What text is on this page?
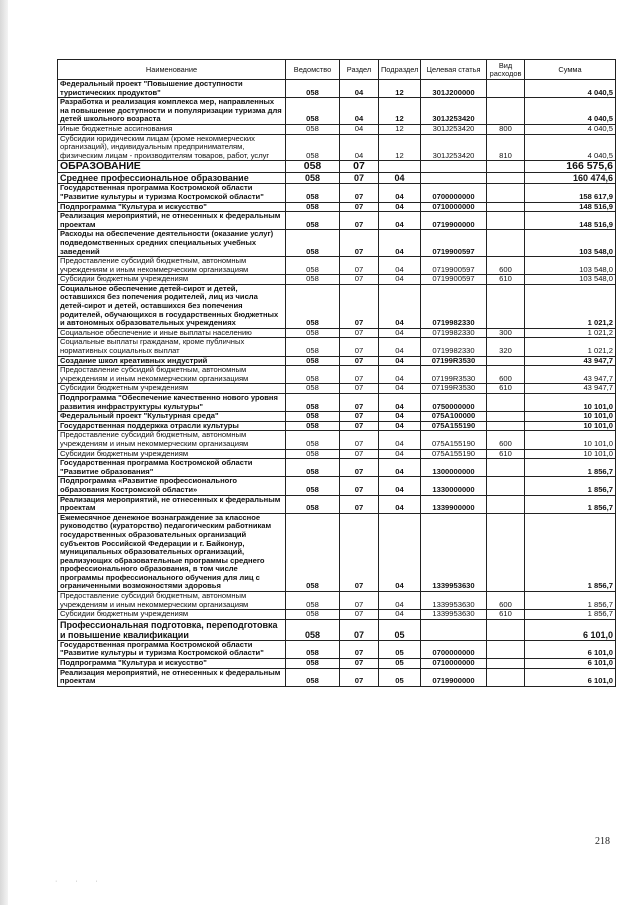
Наименование	Ведомство	Раздел	Подраздел	Целевая статья	Вид расходов	Сумма
Федеральный проект "Повышение доступности туристических продуктов"	058	04	12	301J200000		4 040,5
Разработка и реализация комплекса мер, направленных на повышение доступности и популяризации туризма для детей школьного возраста	058	04	12	301J253420		4 040,5
Иные бюджетные ассигнования	058	04	12	301J253420	800	4 040,5
Субсидии юридическим лицам (кроме некоммерческих организаций), индивидуальным предпринимателям, физическим лицам - производителям товаров, работ, услуг	058	04	12	301J253420	810	4 040,5
ОБРАЗОВАНИЕ	058	07				166 575,6
Среднее профессиональное образование	058	07	04			160 474,6
Государственная программа Костромской области "Развитие культуры и туризма Костромской области"	058	07	04	0700000000		158 617,9
Подпрограмма "Культура и искусство"	058	07	04	0710000000		148 516,9
Реализация мероприятий, не отнесенных к федеральным проектам	058	07	04	0719900000		148 516,9
Расходы на обеспечение деятельности (оказание услуг) подведомственных средних специальных учебных заведений	058	07	04	0719900597		103 548,0
Предоставление субсидий бюджетным, автономным учреждениям и иным некоммерческим организациям	058	07	04	0719900597	600	103 548,0
Субсидии бюджетным учреждениям	058	07	04	0719900597	610	103 548,0
Социальное обеспечение детей-сирот и детей, оставшихся без попечения родителей, лиц из числа детей-сирот и детей, оставшихся без попечения родителей, обучающихся в государственных бюджетных и автономных образовательных учреждениях	058	07	04	0719982330		1 021,2
Социальное обеспечение и иные выплаты населению	058	07	04	0719982330	300	1 021,2
Социальные выплаты гражданам, кроме публичных нормативных социальных выплат	058	07	04	0719982330	320	1 021,2
Создание школ креативных индустрий	058	07	04	07199R3530		43 947,7
Предоставление субсидий бюджетным, автономным учреждениям и иным некоммерческим организациям	058	07	04	07199R3530	600	43 947,7
Субсидии бюджетным учреждениям	058	07	04	07199R3530	610	43 947,7
Подпрограмма "Обеспечение качественно нового уровня развития инфраструктуры культуры"	058	07	04	0750000000		10 101,0
Федеральный проект "Культурная среда"	058	07	04	075A100000		10 101,0
Государственная поддержка отрасли культуры	058	07	04	075A155190		10 101,0
Предоставление субсидий бюджетным, автономным учреждениям и иным некоммерческим организациям	058	07	04	075A155190	600	10 101,0
Субсидии бюджетным учреждениям	058	07	04	075A155190	610	10 101,0
Государственная программа Костромской области "Развитие образования"	058	07	04	1300000000		1 856,7
Подпрограмма «Развитие профессионального образования Костромской области»	058	07	04	1330000000		1 856,7
Реализация мероприятий, не отнесенных к федеральным проектам	058	07	04	1339900000		1 856,7
Ежемесячное денежное вознаграждение за классное руководство (кураторство) педагогическим работникам государственных образовательных организаций субъектов Российской Федерации и г. Байконур, муниципальных образовательных организаций, реализующих образовательные программы среднего профессионального образования, в том числе программы профессионального обучения для лиц с ограниченными возможностями здоровья	058	07	04	1339953630		1 856,7
Предоставление субсидий бюджетным, автономным учреждениям и иным некоммерческим организациям	058	07	04	1339953630	600	1 856,7
Субсидии бюджетным учреждениям	058	07	04	1339953630	610	1 856,7
Профессиональная подготовка, переподготовка и повышение квалификации	058	07	05			6 101,0
Государственная программа Костромской области "Развитие культуры и туризма Костромской области"	058	07	05	0700000000		6 101,0
Подпрограмма "Культура и искусство"	058	07	05	0710000000		6 101,0
Реализация мероприятий, не отнесенных к федеральным проектам	058	07	05	0719900000		6 101,0
218
· · ·
